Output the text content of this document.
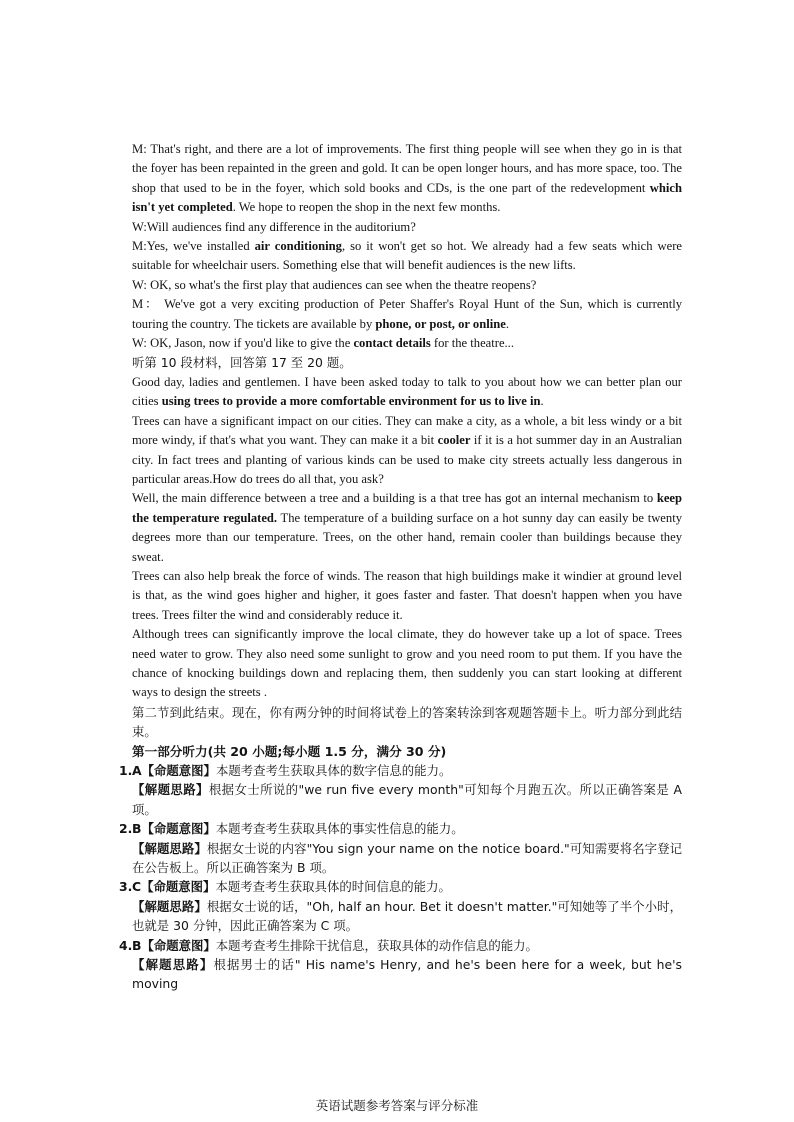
M: That's right, and there are a lot of improvements. The first thing people will see when they go in is that the foyer has been repainted in the green and gold. It can be open longer hours, and has more space, too. The shop that used to be in the foyer, which sold books and CDs, is the one part of the redevelopment which isn't yet completed. We hope to reopen the shop in the next few months.

W:Will audiences find any difference in the auditorium?

M:Yes, we've installed air conditioning, so it won't get so hot. We already had a few seats which were suitable for wheelchair users. Something else that will benefit audiences is the new lifts.

W: OK, so what's the first play that audiences can see when the theatre reopens?

M： We've got a very exciting production of Peter Shaffer's Royal Hunt of the Sun, which is currently touring the country. The tickets are available by phone, or post, or online.

W: OK, Jason, now if you'd like to give the contact details for the theatre...

听第 10 段材料，回答第 17 至 20 题。

Good day, ladies and gentlemen. I have been asked today to talk to you about how we can better plan our cities using trees to provide a more comfortable environment for us to live in.

Trees can have a significant impact on our cities. They can make a city, as a whole, a bit less windy or a bit more windy, if that's what you want. They can make it a bit cooler if it is a hot summer day in an Australian city. In fact trees and planting of various kinds can be used to make city streets actually less dangerous in particular areas.How do trees do all that, you ask?

Well, the main difference between a tree and a building is a that tree has got an internal mechanism to keep the temperature regulated. The temperature of a building surface on a hot sunny day can easily be twenty degrees more than our temperature. Trees, on the other hand, remain cooler than buildings because they sweat.

Trees can also help break the force of winds. The reason that high buildings make it windier at ground level is that, as the wind goes higher and higher, it goes faster and faster. That doesn't happen when you have trees. Trees filter the wind and considerably reduce it.

Although trees can significantly improve the local climate, they do however take up a lot of space. Trees need water to grow. They also need some sunlight to grow and you need room to put them. If you have the chance of knocking buildings down and replacing them, then suddenly you can start looking at different ways to design the streets .

第二节到此结束。现在，你有两分钟的时间将试卷上的答案转涂到客观题答题卡上。听力部分到此结束。

第一部分听力(共 20 小题;每小题 1.5 分，满分 30 分)

1.A【命题意图】本题考查考生获取具体的数字信息的能力。

【解题思路】根据女士所说的"we run five every month"可知每个月跑五次。所以正确答案是 A 项。

2.B【命题意图】本题考查考生获取具体的事实性信息的能力。

【解题思路】根据女士说的内容"You sign your name on the notice board."可知需要将名字登记在公告板上。所以正确答案为 B 项。

3.C【命题意图】本题考查考生获取具体的时间信息的能力。

【解题思路】根据女士说的话，"Oh, half an hour. Bet it doesn't matter."可知她等了半个小时，也就是 30 分钟，因此正确答案为 C 项。

4.B【命题意图】本题考查考生排除干扰信息，获取具体的动作信息的能力。

【解题思路】根据男士的话" His name's Henry, and he's been here for a week, but he's moving

英语试题参考答案与评分标准
